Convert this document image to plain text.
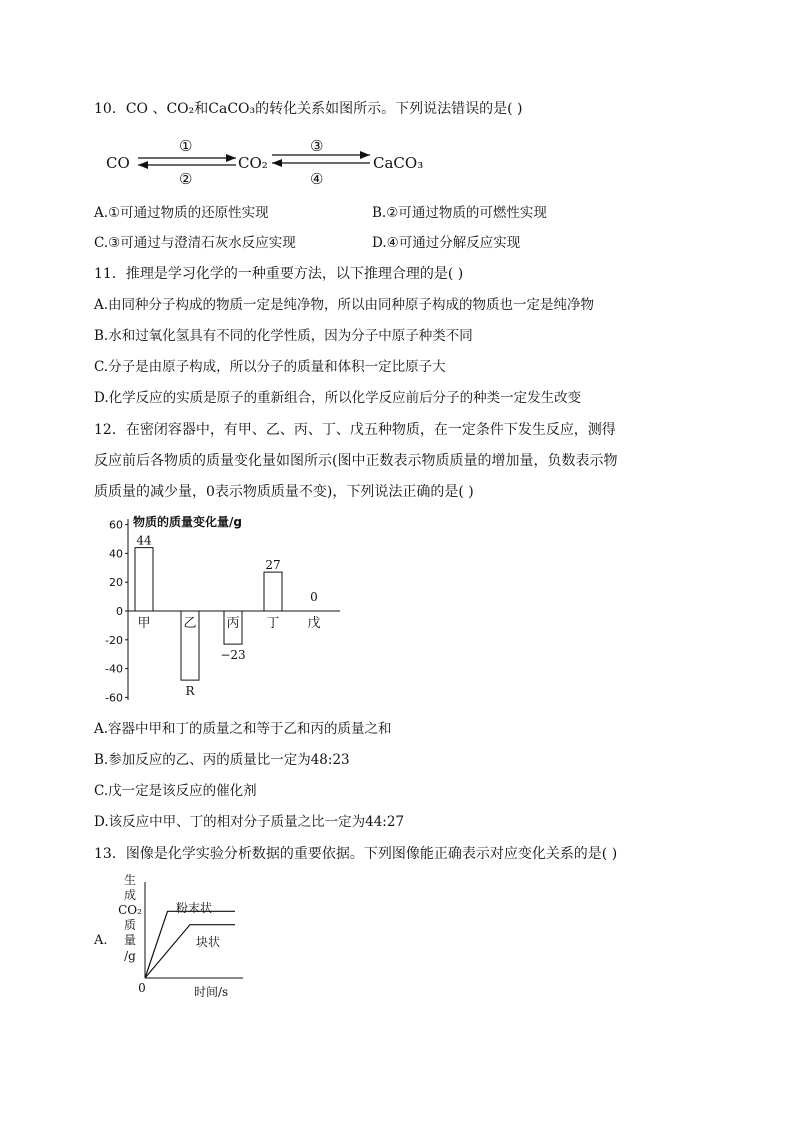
10．CO 、CO₂和CaCO₃的转化关系如图所示。下列说法错误的是( )
CO
①
②
CO₂
③
④
CaCO₃
A.①可通过物质的还原性实现	B.②可通过物质的可燃性实现
C.③可通过与澄清石灰水反应实现	D.④可通过分解反应实现
11．推理是学习化学的一种重要方法，以下推理合理的是( )
A.由同种分子构成的物质一定是纯净物，所以由同种原子构成的物质也一定是纯净物
B.水和过氧化氢具有不同的化学性质，因为分子中原子种类不同
C.分子是由原子构成，所以分子的质量和体积一定比原子大
D.化学反应的实质是原子的重新组合，所以化学反应前后分子的种类一定发生改变
12．在密闭容器中，有甲、乙、丙、丁、戊五种物质，在一定条件下发生反应，测得
反应前后各物质的质量变化量如图所示(图中正数表示物质质量的增加量，负数表示物
质质量的减少量，0表示物质质量不变)，下列说法正确的是( )
物质的质量变化量/g
60
40
20
0
-20
-40
-60
甲
44
乙
R
丙
−23
丁
27
戊
0
A.容器中甲和丁的质量之和等于乙和丙的质量之和
B.参加反应的乙、丙的质量比一定为48:23
C.戊一定是该反应的催化剂
D.该反应中甲、丁的相对分子质量之比一定为44:27
13．图像是化学实验分析数据的重要依据。下列图像能正确表示对应变化关系的是( )
A.
生
成
CO₂
质
量
/g
0	时间/s
粉末状
块状
